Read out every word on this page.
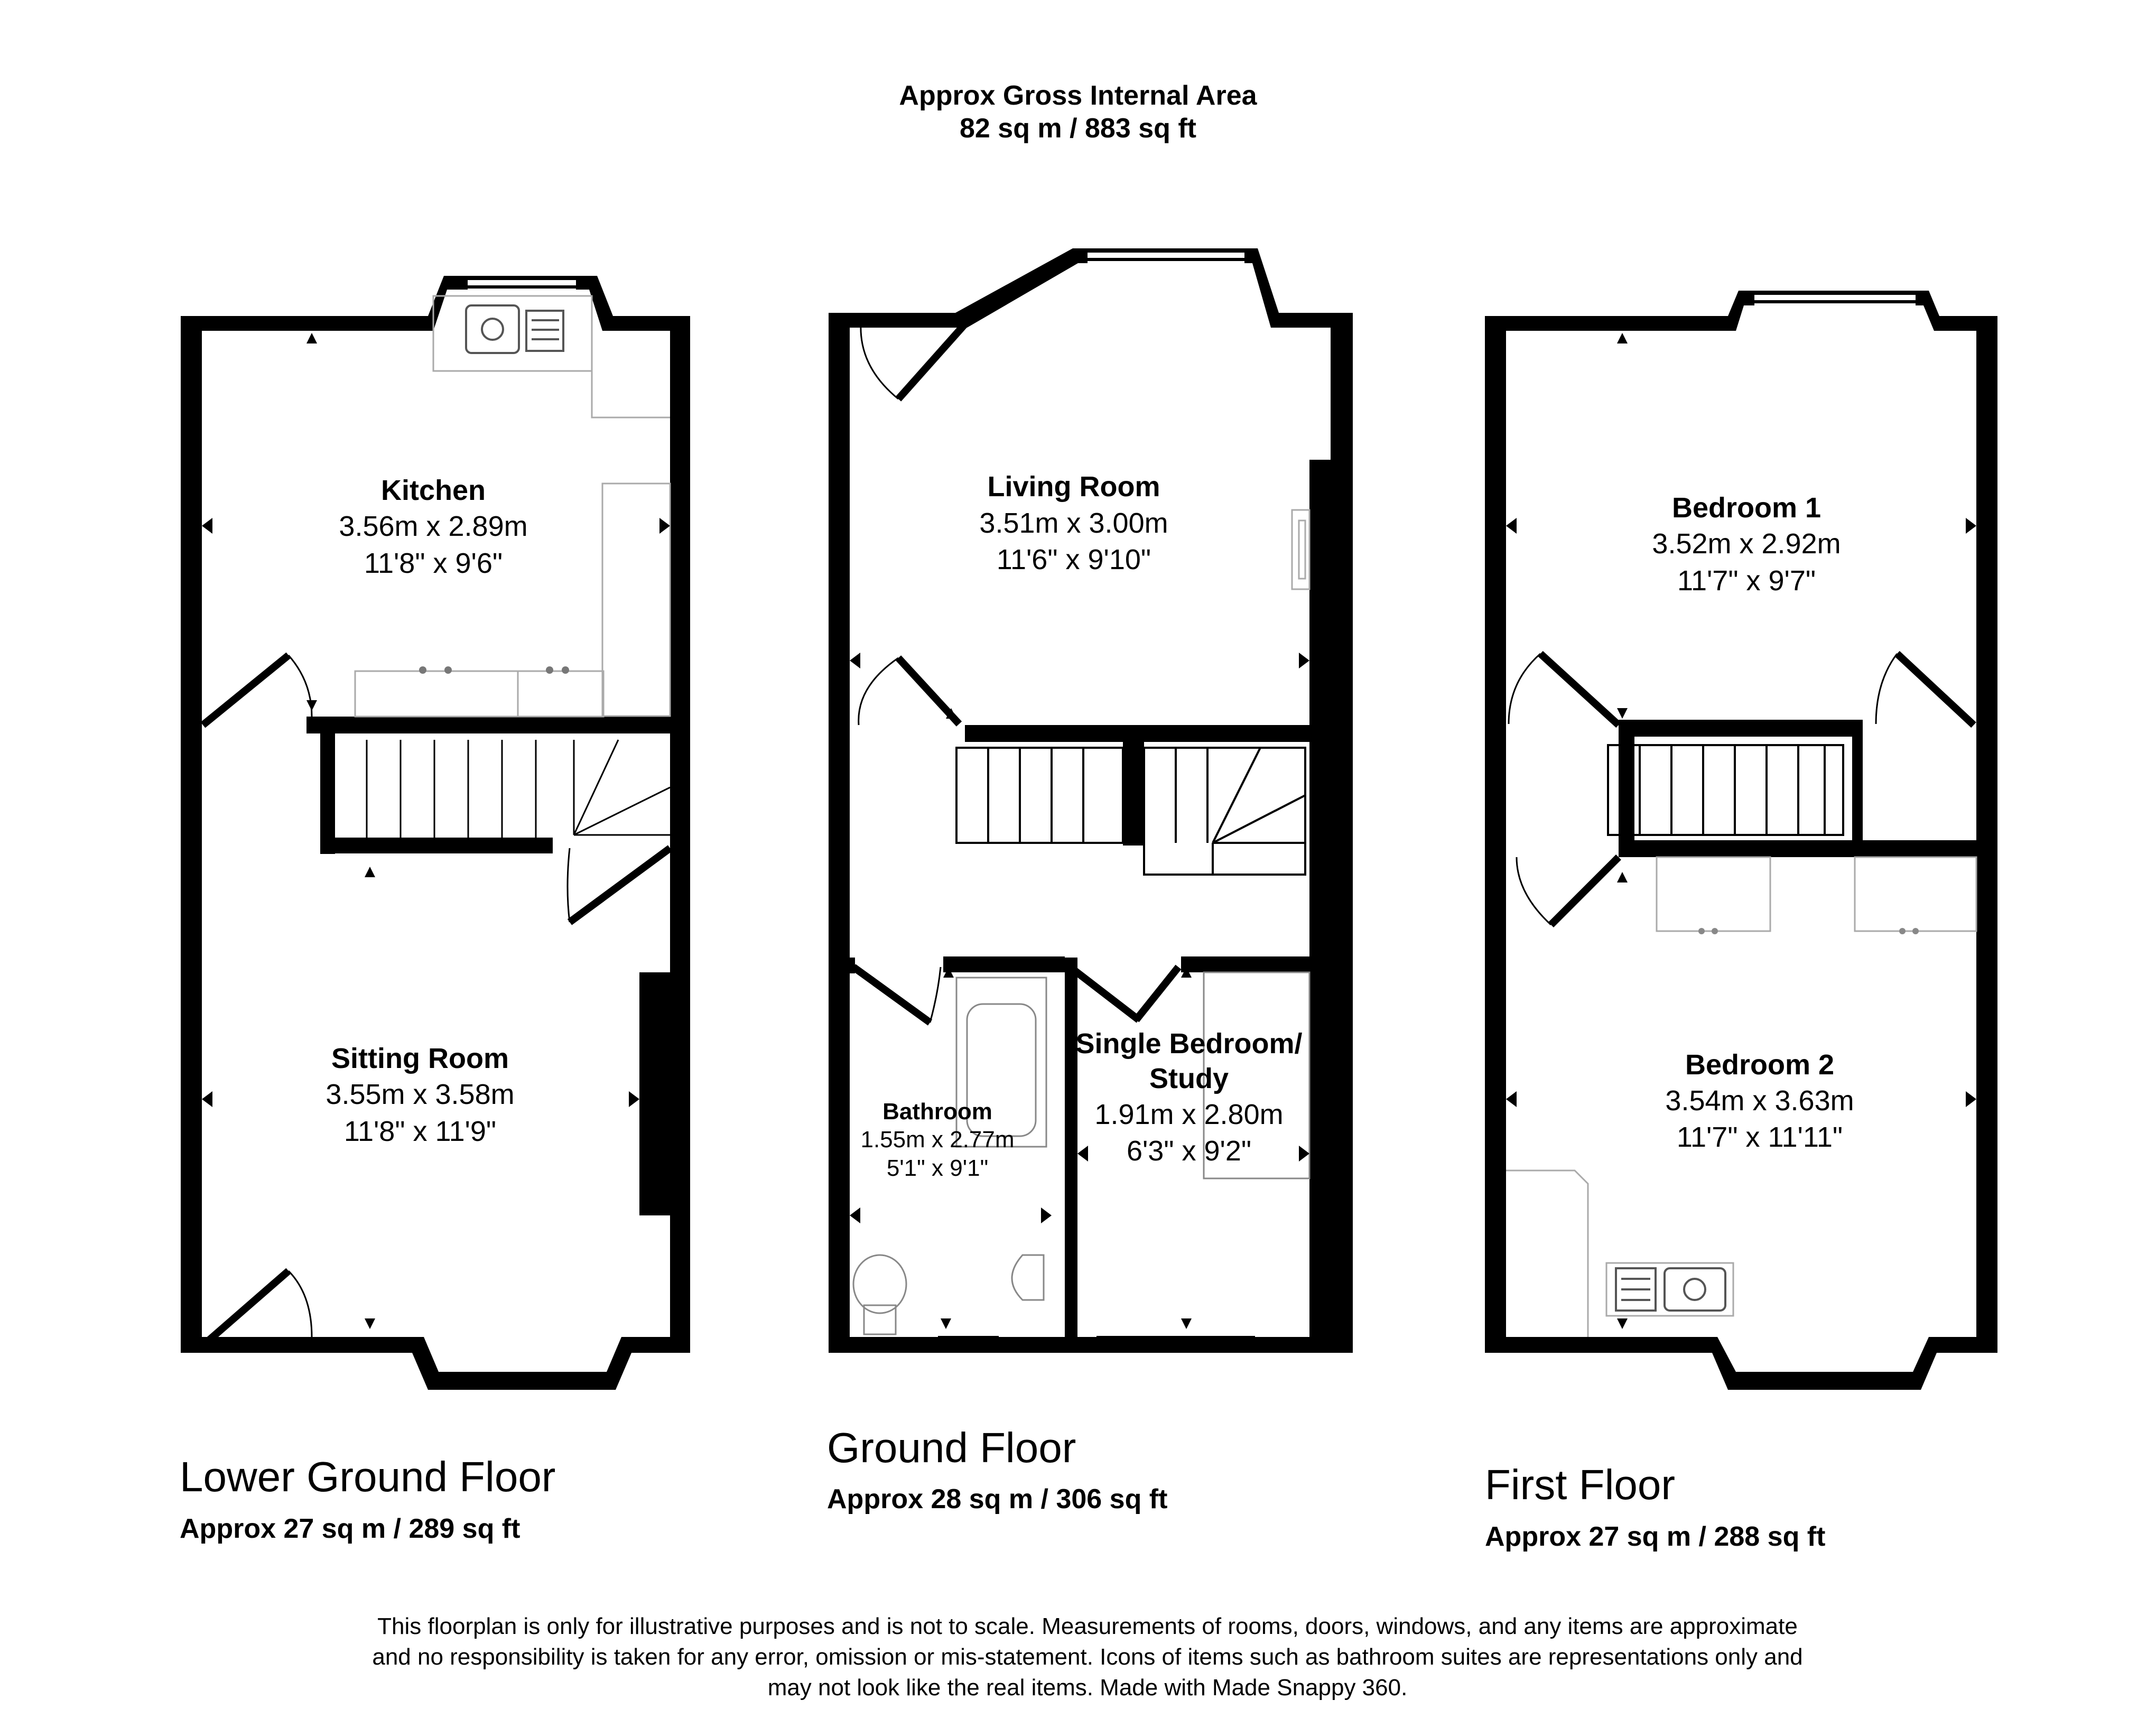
Approx Gross Internal Area
82 sq m / 883 sq ft
Kitchen
3.56m x 2.89m
11'8" x 9'6"
Sitting Room
3.55m x 3.58m
11'8" x 11'9"
Living Room
3.51m x 3.00m
11'6" x 9'10"
Bathroom
1.55m x 2.77m
5'1" x 9'1"
Single Bedroom/
Study
1.91m x 2.80m
6'3" x 9'2"
Bedroom 1
3.52m x 2.92m
11'7" x 9'7"
Bedroom 2
3.54m x 3.63m
11'7" x 11'11"
Lower Ground Floor
Approx 27 sq m / 289 sq ft
Ground Floor
Approx 28 sq m / 306 sq ft	First Floor
Approx 27 sq m / 288 sq ft
This floorplan is only for illustrative purposes and is not to scale. Measurements of rooms, doors, windows, and any items are approximate
and no responsibility is taken for any error, omission or mis-statement. Icons of items such as bathroom suites are representations only and
may not look like the real items. Made with Made Snappy 360.
